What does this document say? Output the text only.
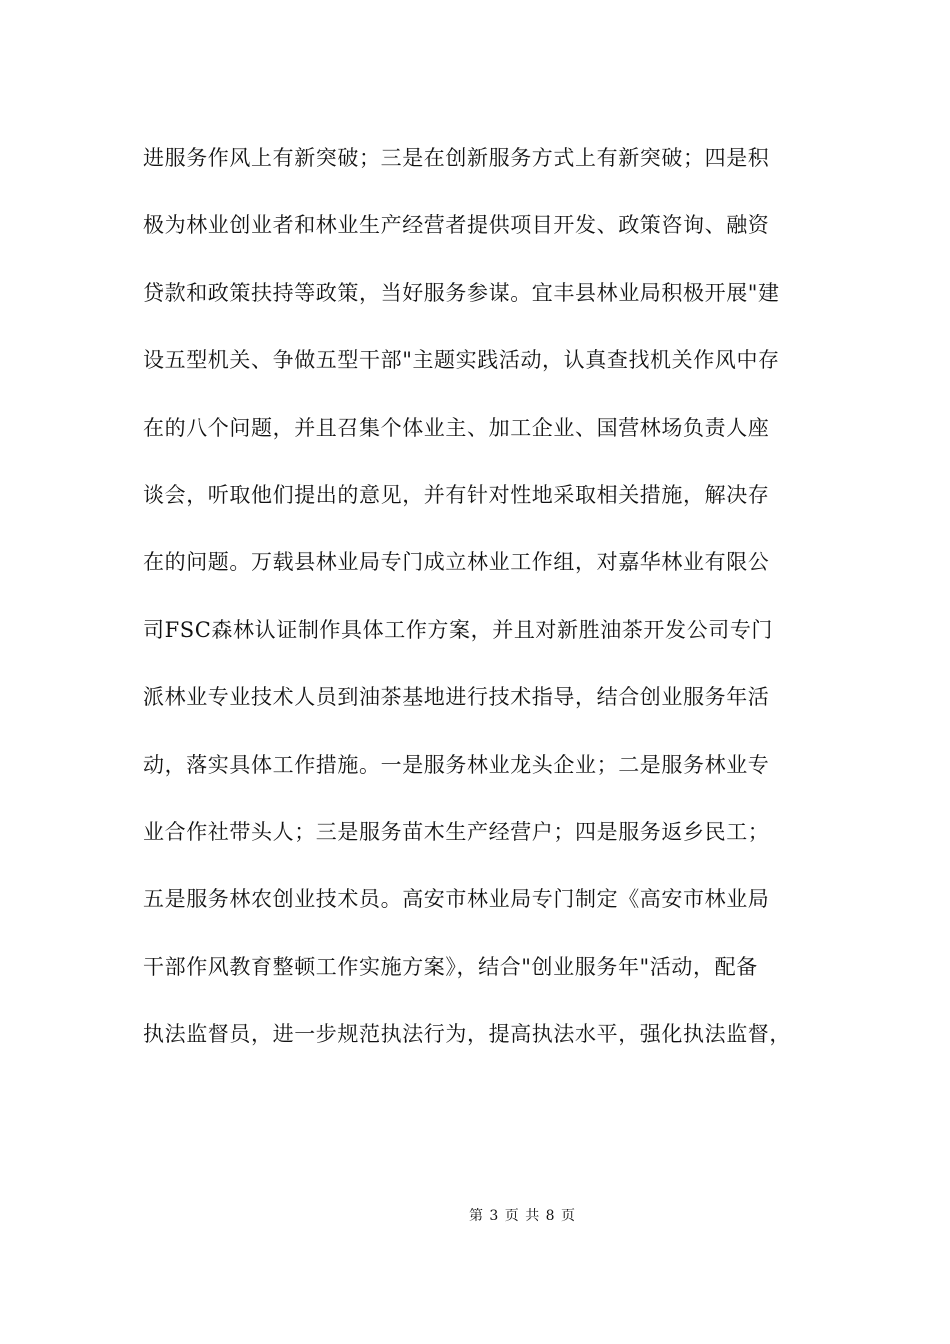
进服务作风上有新突破；三是在创新服务方式上有新突破；四是积
极为林业创业者和林业生产经营者提供项目开发、政策咨询、融资
贷款和政策扶持等政策，当好服务参谋。宜丰县林业局积极开展"建
设五型机关、争做五型干部"主题实践活动，认真查找机关作风中存
在的八个问题，并且召集个体业主、加工企业、国营林场负责人座
谈会，听取他们提出的意见，并有针对性地采取相关措施，解决存
在的问题。万载县林业局专门成立林业工作组，对嘉华林业有限公
司FSC森林认证制作具体工作方案，并且对新胜油茶开发公司专门
派林业专业技术人员到油茶基地进行技术指导，结合创业服务年活
动，落实具体工作措施。一是服务林业龙头企业；二是服务林业专
业合作社带头人；三是服务苗木生产经营户；四是服务返乡民工；
五是服务林农创业技术员。高安市林业局专门制定《高安市林业局
干部作风教育整顿工作实施方案》，结合"创业服务年"活动，配备
执法监督员，进一步规范执法行为，提高执法水平，强化执法监督，
第 3 页 共 8 页
